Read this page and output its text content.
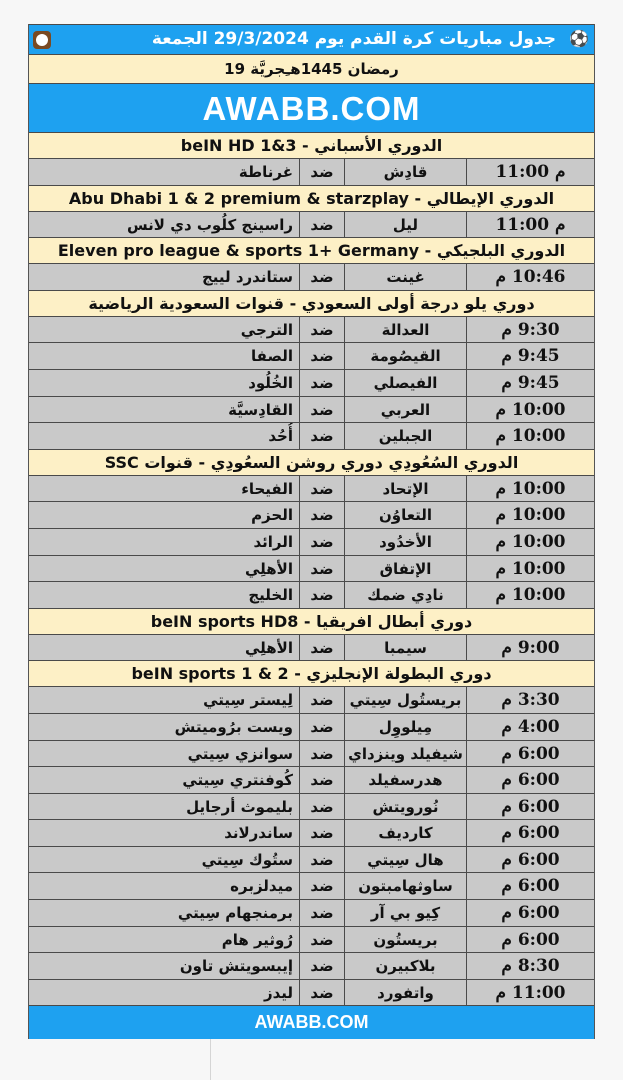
جدول مباريات كرة القدم يوم 29/3/2024 الجمعة ⚽
19 رمضان 1445هـِجريَّة
AWABB.COM
الدوري الأسباني - beIN HD 1&3
م 11:00
قادِش
ضد
غرناطة
الدوري الإيطالي - Abu Dhabi 1 & 2 premium & starzplay
م 11:00
ليل
ضد
راسينج كلُوب دي لانس
الدوري البلجيكي - Eleven pro league & sports 1+ Germany
10:46 م
غينت
ضد
ستاندرد لييج
دوري يلو درجة أولى السعودي - قنوات السعودية الرياضية
9:30 م
العدالة
ضد
الترجي
9:45 م
القيصُومة
ضد
الصفا
9:45 م
الفيصلي
ضد
الخُلُود
10:00 م
العربي
ضد
القادِسيَّة
10:00 م
الجبلين
ضد
أُحُد
الدوري السُعُودِي دوري روشن السعُودِي - قنوات SSC
10:00 م
الإتحاد
ضد
الفيحاء
10:00 م
التعاوُن
ضد
الحزم
10:00 م
الأخدُود
ضد
الرائد
10:00 م
الإتفاق
ضد
الأهلِي
10:00 م
نادِي ضمك
ضد
الخليج
دوري أبطال افريقيا - beIN sports HD8
9:00 م
سيمبا
ضد
الأهلِي
دوري البطولة الإنجليزي - beIN sports 1 & 2
3:30 م
بريستُول سِيتي
ضد
لِيستر سِيتي
4:00 م
مِيلووِل
ضد
ويست برُوميتش
6:00 م
شيفيلد وينزداي
ضد
سوانزي سِيتي
6:00 م
هدرسفيلد
ضد
كُوفنتري سِيتي
6:00 م
نُورويتش
ضد
بليموث أرجايل
6:00 م
كارديف
ضد
ساندرلاند
6:00 م
هال سِيتي
ضد
ستُوك سِيتي
6:00 م
ساوثهامبتون
ضد
ميدلزبره
6:00 م
كِيو بي آر
ضد
برمنجهام سِيتي
6:00 م
بريستُون
ضد
رُوثير هام
8:30 م
بلاكبيرن
ضد
إيبسويتش تاون
11:00 م
واتفورد
ضد
ليدز
AWABB.COM
